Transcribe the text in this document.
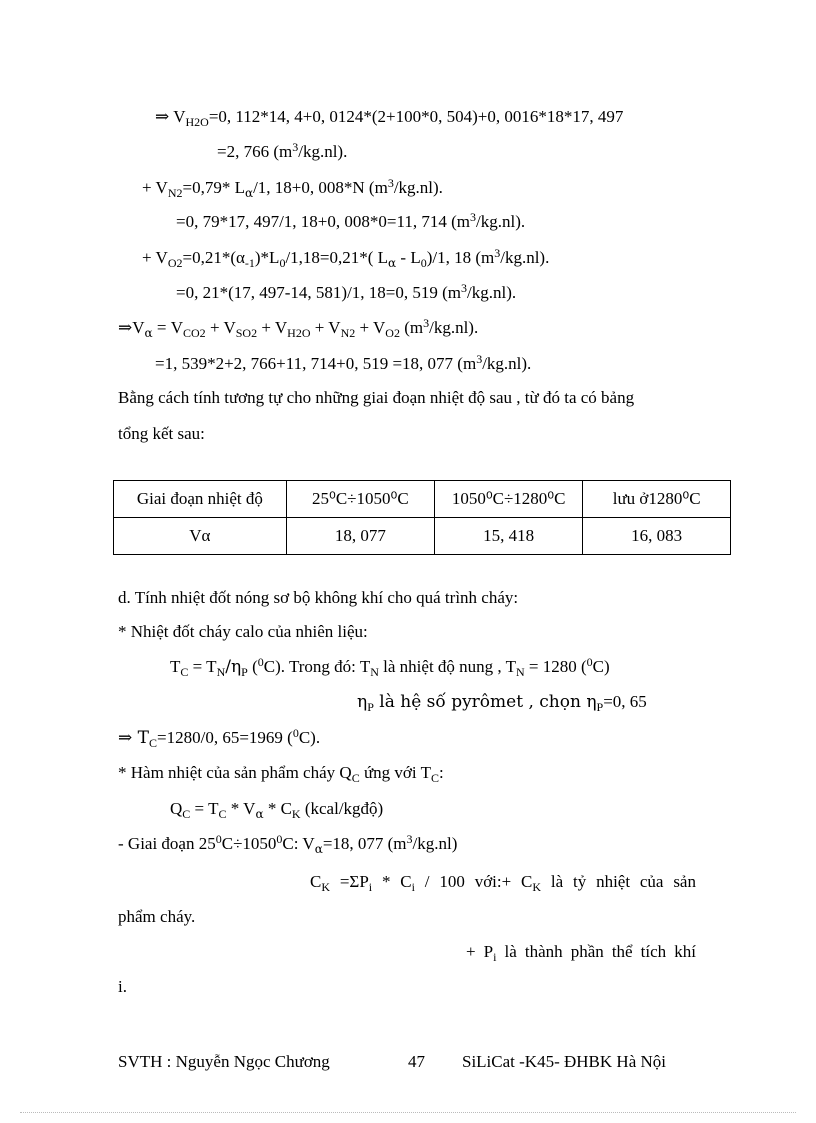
⇒ $V_{H2O}=0$, 112*14, 4+0, 0124*(2+100*0, 504)+0, 0016*18*17, 497
=2, 766 $(m^3/kg.nl)$.
+ $V_{N2}=0,79*$ $L_\alpha/1$, 18+0, 008*N $(m^3/kg.nl)$.
=0, 79*17, 497/1, 18+0, 008*0=11, 714 $(m^3/kg.nl)$.
+ $V_{O2}=0,21*(\alpha_{-1})*L_0/1,18=0,21*$( $L_\alpha - L_0)/1$, 18 $(m^3/kg.nl)$.
=0, 21*(17, 497-14, 581)/1, 18=0, 519 $(m^3/kg.nl)$.
$\Rightarrow V_\alpha = V_{CO2} + V_{SO2} + V_{H2O} + V_{N2} + V_{O2}$ $(m^3/kg.nl)$.
=1, 539*2+2, 766+11, 714+0, 519 =18, 077 $(m^3/kg.nl)$.
Bằng cách tính tương tự cho những giai đoạn nhiệt độ sau , từ đó ta có bảng
tổng kết sau:
Giai đoạn nhiệt độ	25⁰C÷1050⁰C	1050⁰C÷1280⁰C	lưu ở1280⁰C
Vα	18, 077	15, 418	16, 083
d. Tính nhiệt đốt nóng sơ bộ không khí cho quá trình cháy:
* Nhiệt đốt cháy calo của nhiên liệu:
$T_C = T_N/\eta_P$ ($^0$C). Trong đó: $T_N$ là nhiệt độ nung , $T_N = 1280$ ($^0$C)
$\eta_P$ là hệ số pyrômet , chọn $\eta_P=0$, 65
⇒ $T_C=1280/0$, 65=1969 ($^0$C).
* Hàm nhiệt của sản phẩm cháy $Q_C$ ứng với $T_C$:
$Q_C = T_C * V_\alpha * C_K$ (kcal/kgđộ)
- Giai đoạn $25^0C\div 1050^0C$: $V_\alpha=18$, 077 $(m^3/kg.nl)$
$C_K =\Sigma P_i * C_i / 100$ với:+ $C_K$ là tỷ nhiệt của sản
phẩm cháy.
+ $P_i$ là thành phần thể tích khí
i.
SVTH : Nguyễn Ngọc Chương	47 SiLiCat -K45- ĐHBK Hà Nội
